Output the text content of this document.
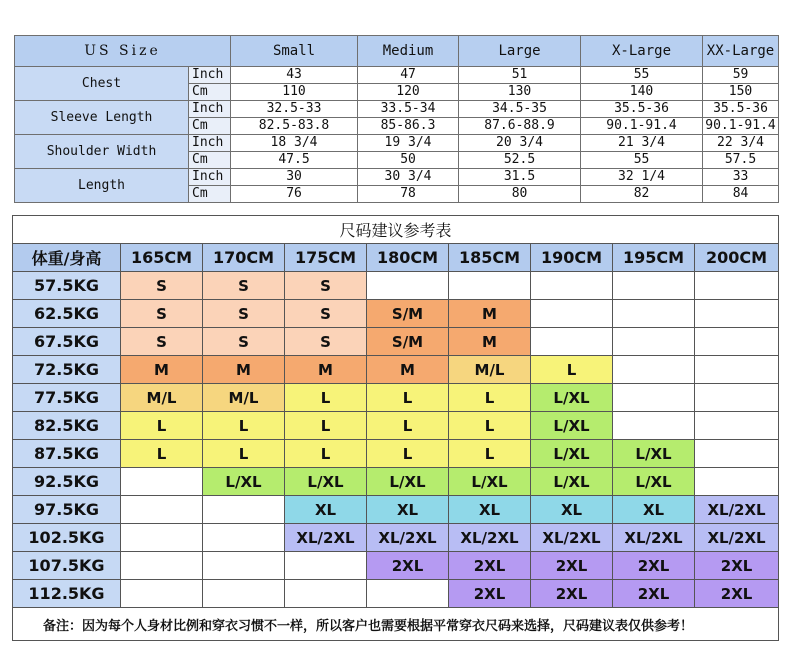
US Size		Small	Medium	Large	X-Large	XX-Large
Chest	Inch	43	47	51	55	59
	Cm	110	120	130	140	150
Sleeve Length	Inch	32.5-33	33.5-34	34.5-35	35.5-36	35.5-36
	Cm	82.5-83.8	85-86.3	87.6-88.9	90.1-91.4	90.1-91.4
Shoulder Width	Inch	18 3/4	19 3/4	20 3/4	21 3/4	22 3/4
	Cm	47.5	50	52.5	55	57.5
Length	Inch	30	30 3/4	31.5	32 1/4	33
	Cm	76	78	80	82	84
尺码建议参考表								
体重/身高	165CM	170CM	175CM	180CM	185CM	190CM	195CM	200CM
57.5KG	S	S	S					
62.5KG	S	S	S	S/M	M			
67.5KG	S	S	S	S/M	M			
72.5KG	M	M	M	M	M/L	L		
77.5KG	M/L	M/L	L	L	L	L/XL		
82.5KG	L	L	L	L	L	L/XL		
87.5KG	L	L	L	L	L	L/XL	L/XL	
92.5KG		L/XL	L/XL	L/XL	L/XL	L/XL	L/XL	
97.5KG			XL	XL	XL	XL	XL	XL/2XL
102.5KG			XL/2XL	XL/2XL	XL/2XL	XL/2XL	XL/2XL	XL/2XL
107.5KG				2XL	2XL	2XL	2XL	2XL
112.5KG					2XL	2XL	2XL	2XL
备注：因为每个人身材比例和穿衣习惯不一样，所以客户也需要根据平常穿衣尺码来选择，尺码建议表仅供参考！								
